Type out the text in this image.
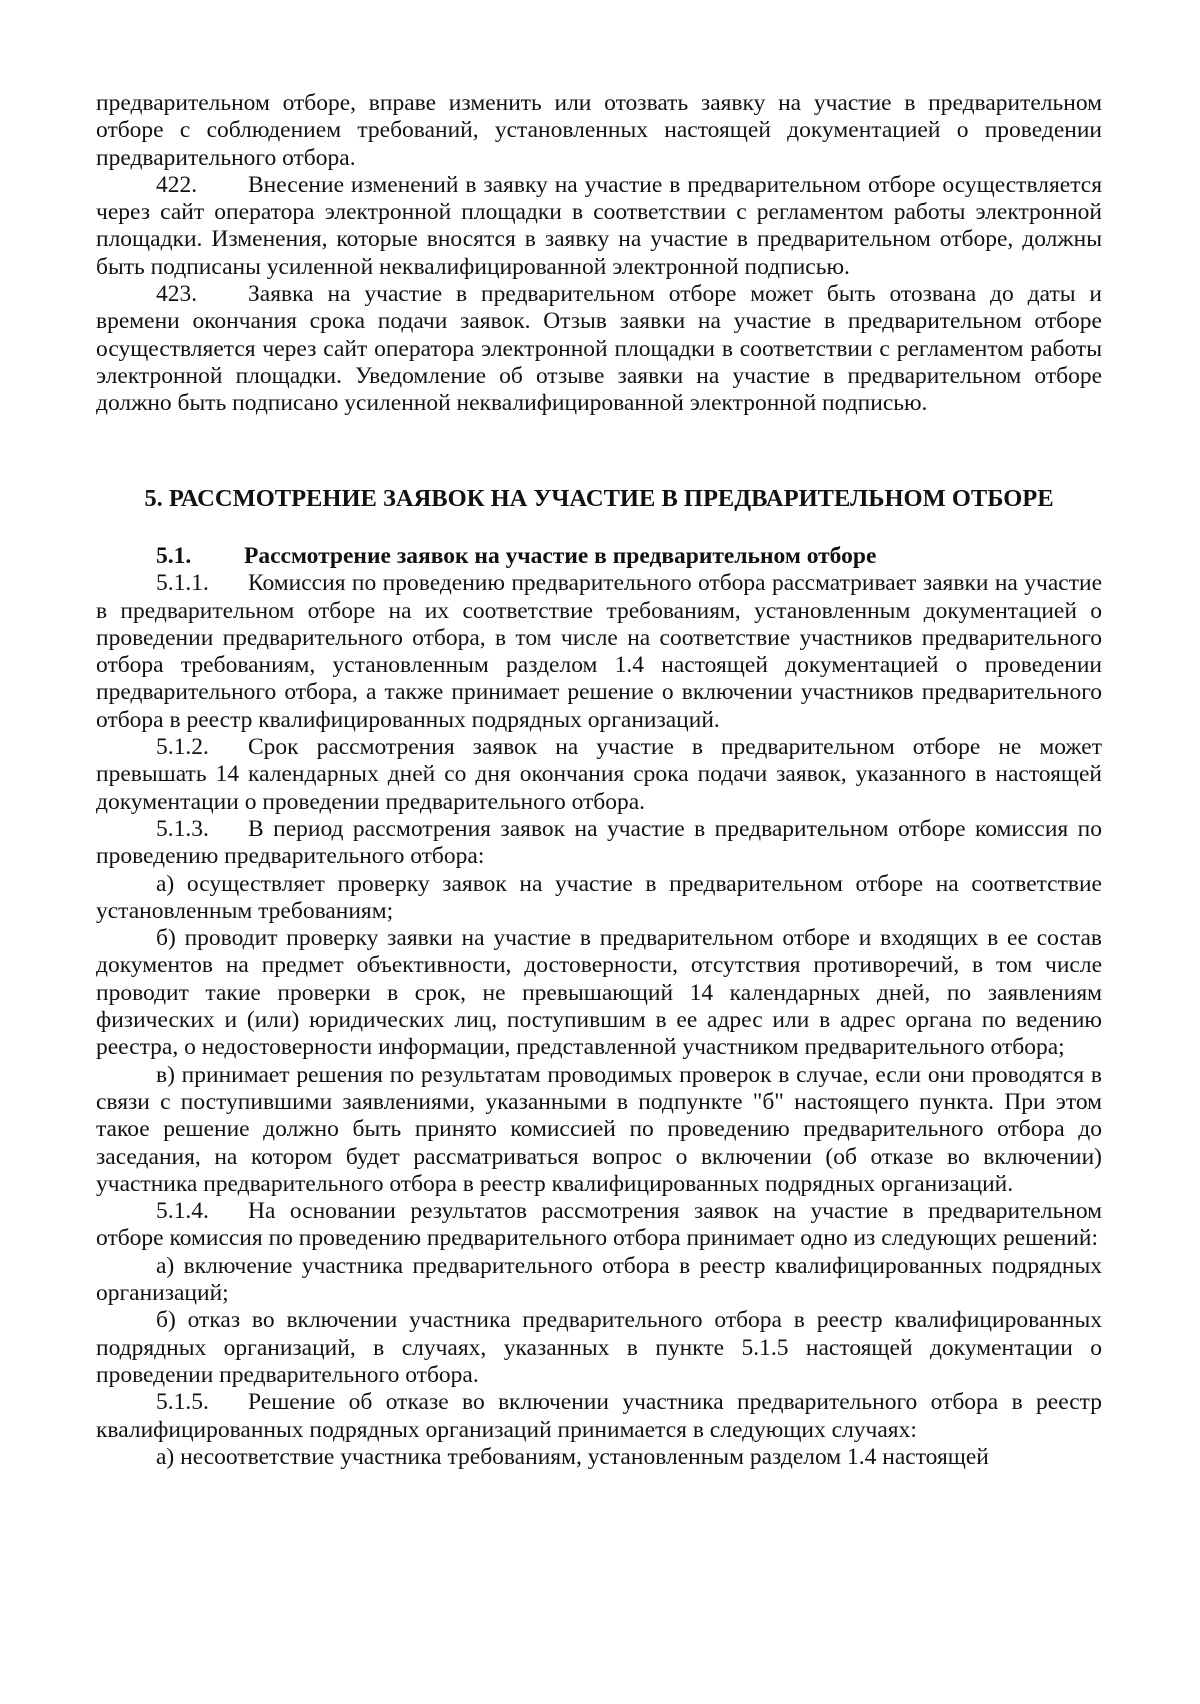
предварительном отборе, вправе изменить или отозвать заявку на участие в предварительном отборе с соблюдением требований, установленных настоящей документацией о проведении предварительного отбора.

422. Внесение изменений в заявку на участие в предварительном отборе осуществляется через сайт оператора электронной площадки в соответствии с регламентом работы электронной площадки. Изменения, которые вносятся в заявку на участие в предварительном отборе, должны быть подписаны усиленной неквалифицированной электронной подписью.

423. Заявка на участие в предварительном отборе может быть отозвана до даты и времени окончания срока подачи заявок. Отзыв заявки на участие в предварительном отборе осуществляется через сайт оператора электронной площадки в соответствии с регламентом работы электронной площадки. Уведомление об отзыве заявки на участие в предварительном отборе должно быть подписано усиленной неквалифицированной электронной подписью.

5. РАССМОТРЕНИЕ ЗАЯВОК НА УЧАСТИЕ В ПРЕДВАРИТЕЛЬНОМ ОТБОРЕ

5.1. Рассмотрение заявок на участие в предварительном отборе

5.1.1. Комиссия по проведению предварительного отбора рассматривает заявки на участие в предварительном отборе на их соответствие требованиям, установленным документацией о проведении предварительного отбора, в том числе на соответствие участников предварительного отбора требованиям, установленным разделом 1.4 настоящей документацией о проведении предварительного отбора, а также принимает решение о включении участников предварительного отбора в реестр квалифицированных подрядных организаций.

5.1.2. Срок рассмотрения заявок на участие в предварительном отборе не может превышать 14 календарных дней со дня окончания срока подачи заявок, указанного в настоящей документации о проведении предварительного отбора.

5.1.3. В период рассмотрения заявок на участие в предварительном отборе комиссия по проведению предварительного отбора:

а) осуществляет проверку заявок на участие в предварительном отборе на соответствие установленным требованиям;

б) проводит проверку заявки на участие в предварительном отборе и входящих в ее состав документов на предмет объективности, достоверности, отсутствия противоречий, в том числе проводит такие проверки в срок, не превышающий 14 календарных дней, по заявлениям физических и (или) юридических лиц, поступившим в ее адрес или в адрес органа по ведению реестра, о недостоверности информации, представленной участником предварительного отбора;

в) принимает решения по результатам проводимых проверок в случае, если они проводятся в связи с поступившими заявлениями, указанными в подпункте "б" настоящего пункта. При этом такое решение должно быть принято комиссией по проведению предварительного отбора до заседания, на котором будет рассматриваться вопрос о включении (об отказе во включении) участника предварительного отбора в реестр квалифицированных подрядных организаций.

5.1.4. На основании результатов рассмотрения заявок на участие в предварительном отборе комиссия по проведению предварительного отбора принимает одно из следующих решений:

а) включение участника предварительного отбора в реестр квалифицированных подрядных организаций;

б) отказ во включении участника предварительного отбора в реестр квалифицированных подрядных организаций, в случаях, указанных в пункте 5.1.5 настоящей документации о проведении предварительного отбора.

5.1.5. Решение об отказе во включении участника предварительного отбора в реестр квалифицированных подрядных организаций принимается в следующих случаях:

а) несоответствие участника требованиям, установленным разделом 1.4 настоящей
